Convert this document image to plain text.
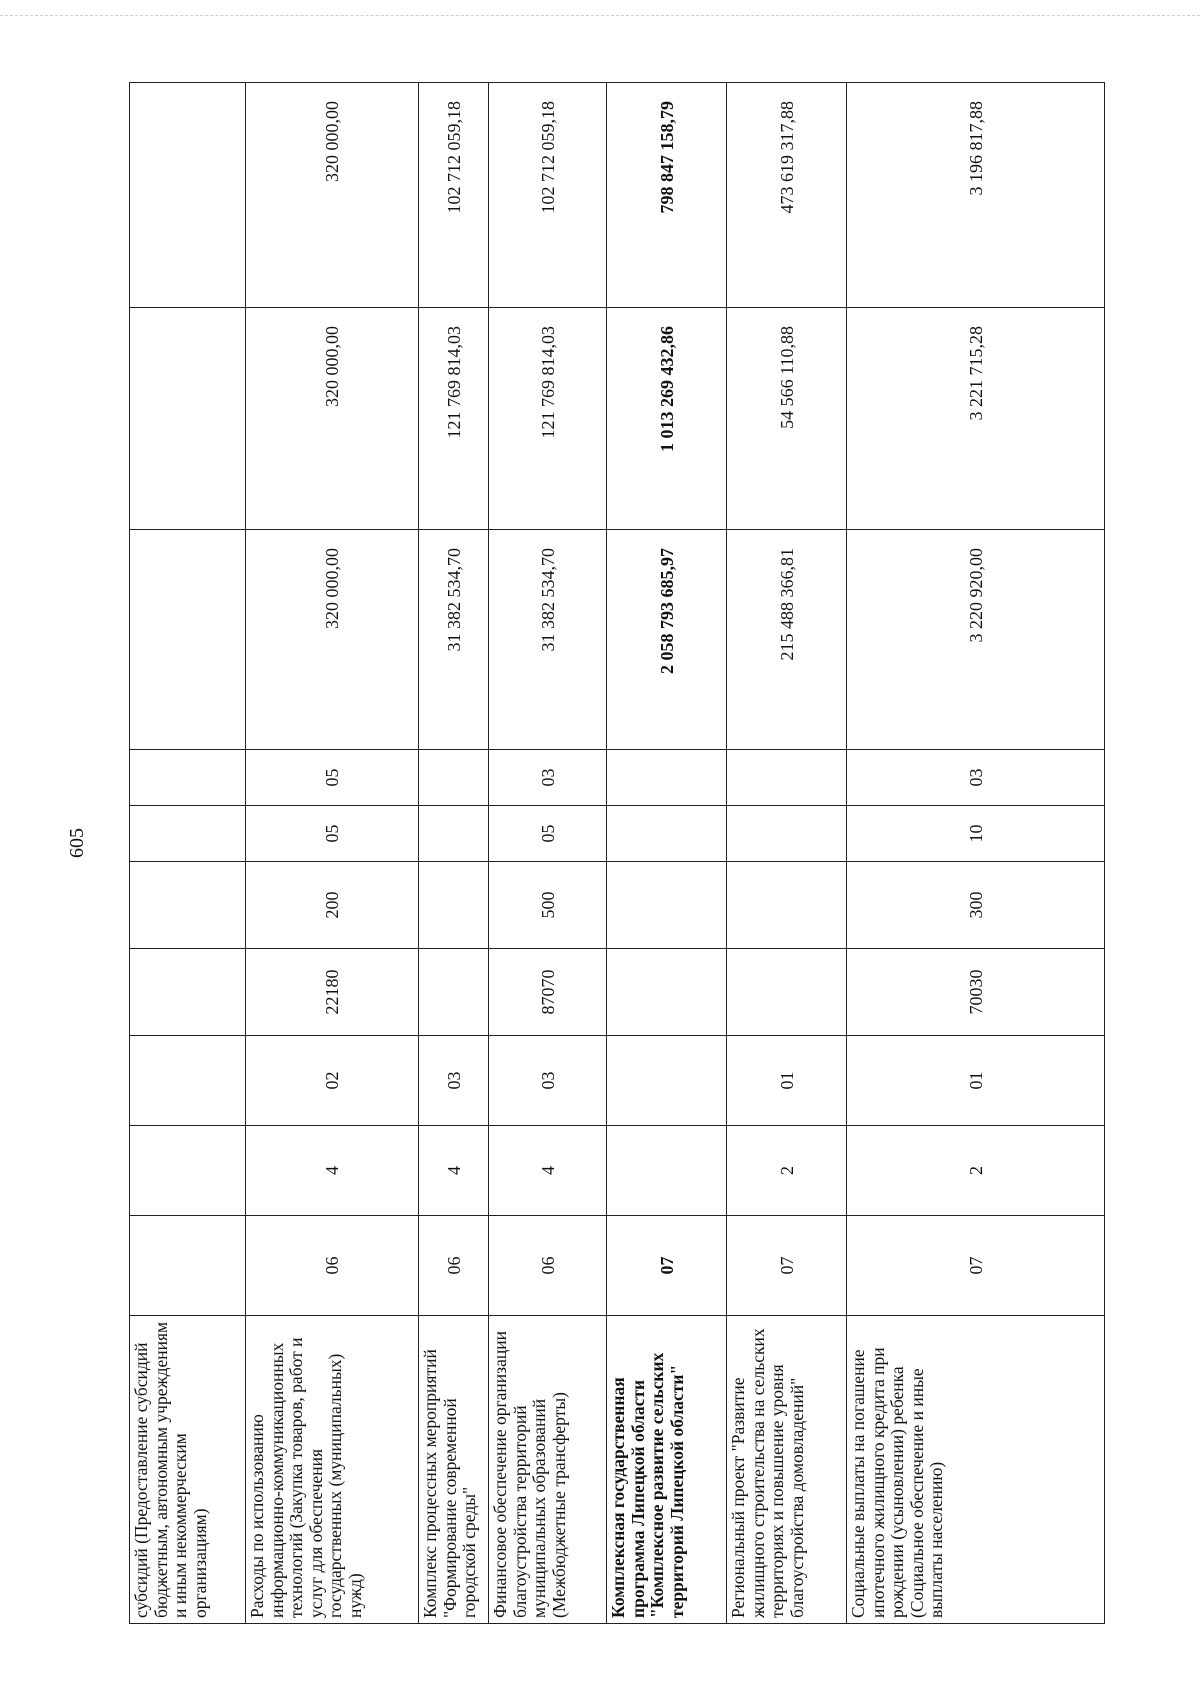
605
субсидий (Предоставление субсидий бюджетным, автономным учреждениям и иным некоммерческим организациям)										
Расходы по использованию информационно-коммуникационных технологий (Закупка товаров, работ и услуг для обеспечения государственных (муниципальных) нужд)	06	4	02	22180	200	05	05	320 000,00	320 000,00	320 000,00
Комплекс процессных мероприятий "Формирование современной городской среды"	06	4	03					31 382 534,70	121 769 814,03	102 712 059,18
Финансовое обеспечение организации благоустройства территорий муниципальных образований (Межбюджетные трансферты)	06	4	03	87070	500	05	03	31 382 534,70	121 769 814,03	102 712 059,18
Комплексная государственная программа Липецкой области "Комплексное развитие сельских территорий Липецкой области"	07							2 058 793 685,97	1 013 269 432,86	798 847 158,79
Региональный проект "Развитие жилищного строительства на сельских территориях и повышение уровня благоустройства домовладений"	07	2	01					215 488 366,81	54 566 110,88	473 619 317,88
Социальные выплаты на погашение ипотечного жилищного кредита при рождении (усыновлении) ребенка (Социальное обеспечение и иные выплаты населению)	07	2	01	70030	300	10	03	3 220 920,00	3 221 715,28	3 196 817,88
